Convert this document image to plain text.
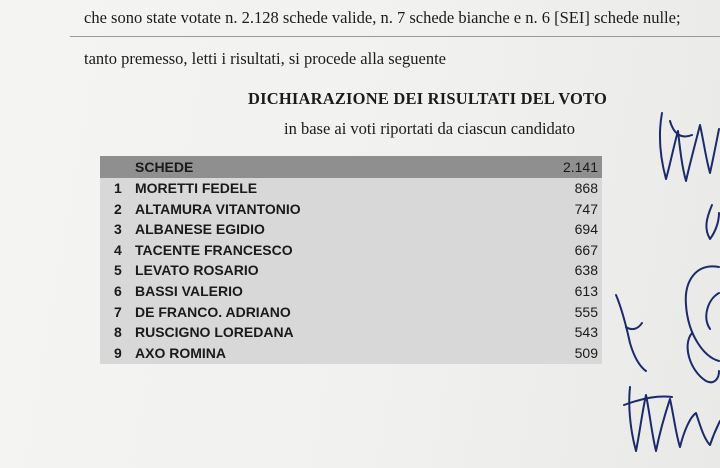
che sono state votate n. 2.128 schede valide, n. 7 schede bianche e n. 6 [SEI] schede nulle;
tanto premesso, letti i risultati, si procede alla seguente
DICHIARAZIONE DEI RISULTATI DEL VOTO
in base ai voti riportati da ciascun candidato
SCHEDE	2.141
1 MORETTI FEDELE	868
2 ALTAMURA VITANTONIO	747
3 ALBANESE EGIDIO	694
4 TACENTE FRANCESCO	667
5 LEVATO ROSARIO	638
6 BASSI VALERIO	613
7 DE FRANCO. ADRIANO	555
8 RUSCIGNO LOREDANA	543
9 AXO ROMINA	509
